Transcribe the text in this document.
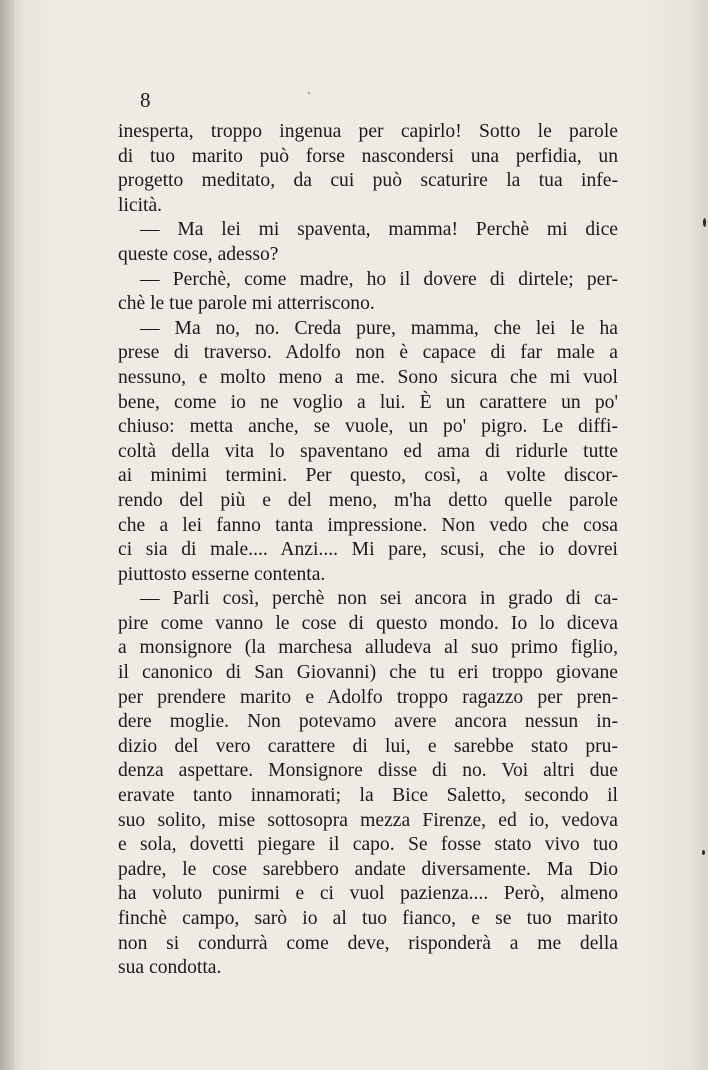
8
inesperta, troppo ingenua per capirlo! Sotto le parole
di tuo marito può forse nascondersi una perfidia, un
progetto meditato, da cui può scaturire la tua infe-
licità.
— Ma lei mi spaventa, mamma! Perchè mi dice
queste cose, adesso?
— Perchè, come madre, ho il dovere di dirtele; per-
chè le tue parole mi atterriscono.
— Ma no, no. Creda pure, mamma, che lei le ha
prese di traverso. Adolfo non è capace di far male a
nessuno, e molto meno a me. Sono sicura che mi vuol
bene, come io ne voglio a lui. È un carattere un po'
chiuso: metta anche, se vuole, un po' pigro. Le diffi-
coltà della vita lo spaventano ed ama di ridurle tutte
ai minimi termini. Per questo, così, a volte discor-
rendo del più e del meno, m'ha detto quelle parole
che a lei fanno tanta impressione. Non vedo che cosa
ci sia di male.... Anzi.... Mi pare, scusi, che io dovrei
piuttosto esserne contenta.
— Parli così, perchè non sei ancora in grado di ca-
pire come vanno le cose di questo mondo. Io lo diceva
a monsignore (la marchesa alludeva al suo primo figlio,
il canonico di San Giovanni) che tu eri troppo giovane
per prendere marito e Adolfo troppo ragazzo per pren-
dere moglie. Non potevamo avere ancora nessun in-
dizio del vero carattere di lui, e sarebbe stato pru-
denza aspettare. Monsignore disse di no. Voi altri due
eravate tanto innamorati; la Bice Saletto, secondo il
suo solito, mise sottosopra mezza Firenze, ed io, vedova
e sola, dovetti piegare il capo. Se fosse stato vivo tuo
padre, le cose sarebbero andate diversamente. Ma Dio
ha voluto punirmi e ci vuol pazienza.... Però, almeno
finchè campo, sarò io al tuo fianco, e se tuo marito
non si condurrà come deve, risponderà a me della
sua condotta.
